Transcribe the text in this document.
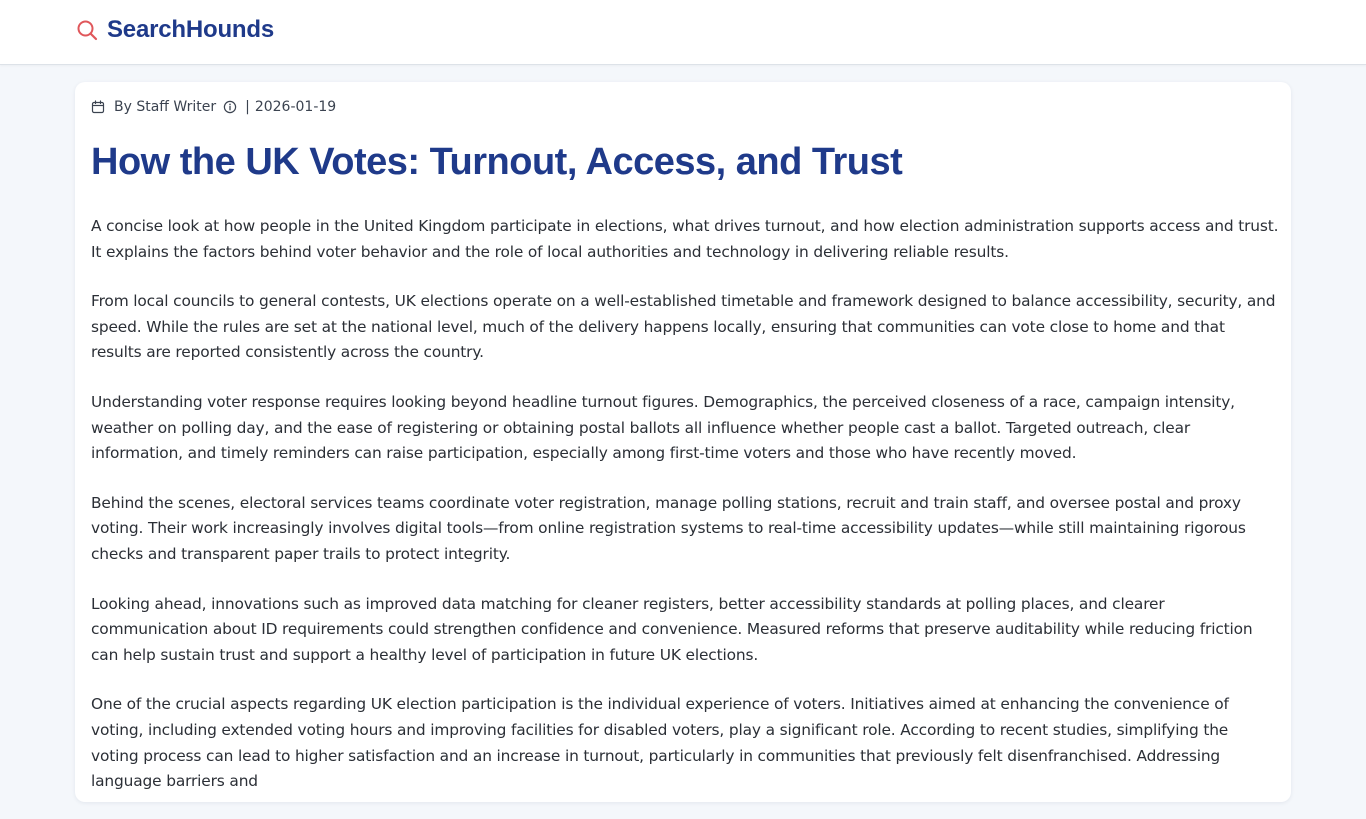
SearchHounds
By Staff Writer | 2026-01-19
How the UK Votes: Turnout, Access, and Trust

A concise look at how people in the United Kingdom participate in elections, what drives turnout, and how election administration supports access and trust. It explains the factors behind voter behavior and the role of local authorities and technology in delivering reliable results.

From local councils to general contests, UK elections operate on a well-established timetable and framework designed to balance accessibility, security, and speed. While the rules are set at the national level, much of the delivery happens locally, ensuring that communities can vote close to home and that results are reported consistently across the country.

Understanding voter response requires looking beyond headline turnout figures. Demographics, the perceived closeness of a race, campaign intensity, weather on polling day, and the ease of registering or obtaining postal ballots all influence whether people cast a ballot. Targeted outreach, clear information, and timely reminders can raise participation, especially among first-time voters and those who have recently moved.

Behind the scenes, electoral services teams coordinate voter registration, manage polling stations, recruit and train staff, and oversee postal and proxy voting. Their work increasingly involves digital tools—from online registration systems to real-time accessibility updates—while still maintaining rigorous checks and transparent paper trails to protect integrity.

Looking ahead, innovations such as improved data matching for cleaner registers, better accessibility standards at polling places, and clearer communication about ID requirements could strengthen confidence and convenience. Measured reforms that preserve auditability while reducing friction can help sustain trust and support a healthy level of participation in future UK elections.

One of the crucial aspects regarding UK election participation is the individual experience of voters. Initiatives aimed at enhancing the convenience of voting, including extended voting hours and improving facilities for disabled voters, play a significant role. According to recent studies, simplifying the voting process can lead to higher satisfaction and an increase in turnout, particularly in communities that previously felt disenfranchised. Addressing language barriers and
